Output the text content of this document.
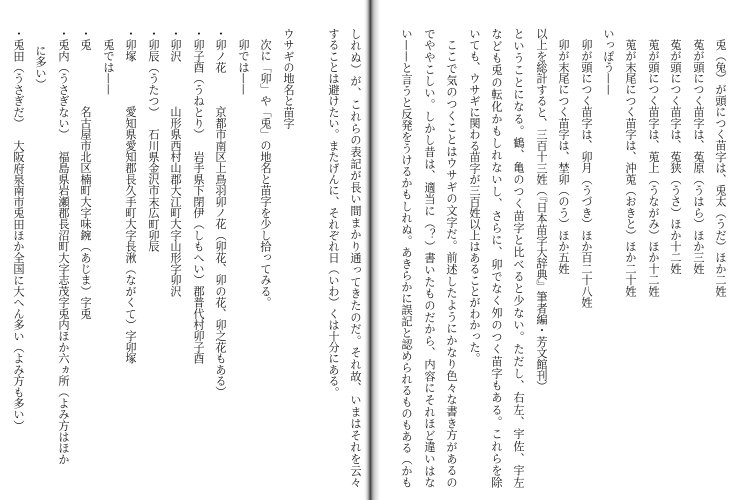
兎（兔）が頭につく苗字は、兎太（うだ）ほか二姓
菟が頭につく苗字は、菟原（うはら）ほか三姓
菟が頭につく苗字は、菟狭（うさ）ほか十二姓
莵が頭につく苗字は、莵上（うながみ）ほか十二姓
莵が末尾につく苗字は、沖莵（おきと）ほか二十姓
いっぽう——
卯が頭につく苗字は、卯月（うづき）ほか百二十八姓
卯が末尾につく苗字は、埜卯（のう）ほか五姓
以上を総計すると、三百十三姓（『日本苗字大辞典』筆者編・芳文館刊）
ということになる。鶴、亀のつく苗字と比べると少ない。ただし、右左、宇佐、宇左
なども兎の転化かもしれないし、さらに、卯でなく夘のつく苗字もある。これらを除
いても、ウサギに関わる苗字が三百姓以上はあることがわかった。
ここで気のつくことはウサギの文字だ。前述したようにかなり色々な書き方があるの
でややこしい。しかし昔は、適当に（？）書いたものだから、内容にそれほど違いはな
い——と言うと反発をうけるかもしれぬ。あきらかに誤記と認められるものもある（かも
しれぬ）が、これらの表記が長い間まかり通ってきたのだ。それ故、いまはそれを云々
することは避けたい。またげんに、それぞれ日（いわ）くは十分にある。
ウサギの地名と苗字
次に「卯」や「兎」の地名と苗字を少し拾ってみる。
卯では——
・卯ノ花京都市南区上鳥羽卯ノ花（卯花、卯の花、卯之花もある）
・卯子酉（うねとり）岩手県下閉伊（しもへい）郡普代村卯子酉
・卯沢山形県西村山郡大江町大字山形字卯沢
・卯辰（うたつ）石川県金沢市末広町卯辰
・卯塚愛知県愛知郡長久手町大字長湫（ながくて）字卯塚
兎では——
・兎名古屋市北区楠町大字味鋺（あじま）字兎
・兎内（うさぎない）福島県岩瀬郡長沼町大字志茂字兎内ほか六ヵ所（よみ方はほか
に多い）
・兎田（うさぎだ）大阪府泉南市兎田ほか全国に大へん多い（よみ方も多い）
